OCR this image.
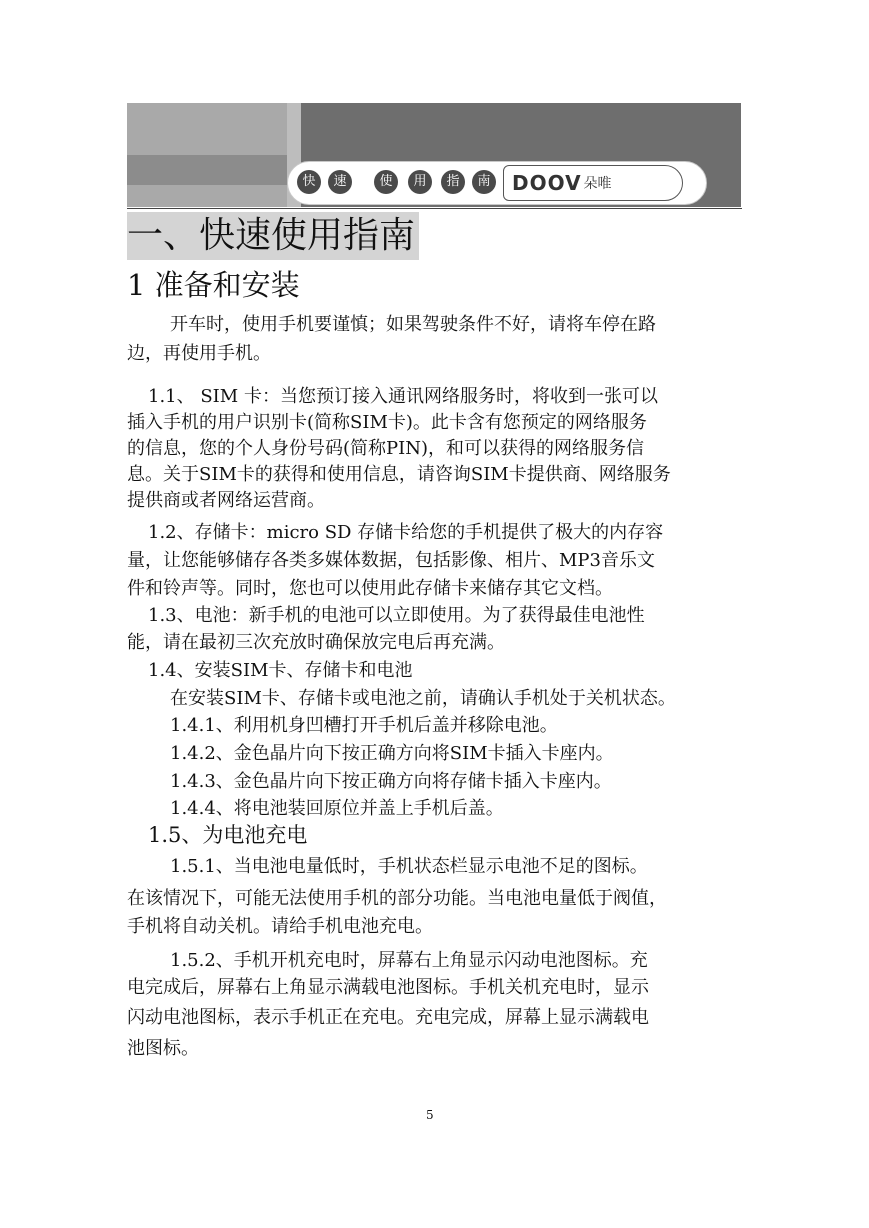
快	速	使	用	指	南 DOOV 朵唯
一、快速使用指南
1 准备和安装
开车时，使用手机要谨慎；如果驾驶条件不好，请将车停在路
边，再使用手机。
1.1、 SIM 卡：当您预订接入通讯网络服务时，将收到一张可以
插入手机的用户识别卡(简称SIM卡)。此卡含有您预定的网络服务
的信息，您的个人身份号码(简称PIN)，和可以获得的网络服务信
息。关于SIM卡的获得和使用信息，请咨询SIM卡提供商、网络服务
提供商或者网络运营商。
1.2、存储卡：micro SD 存储卡给您的手机提供了极大的内存容
量，让您能够储存各类多媒体数据，包括影像、相片、MP3音乐文
件和铃声等。同时，您也可以使用此存储卡来储存其它文档。
1.3、电池：新手机的电池可以立即使用。为了获得最佳电池性
能，请在最初三次充放时确保放完电后再充满。
1.4、安装SIM卡、存储卡和电池
在安装SIM卡、存储卡或电池之前，请确认手机处于关机状态。
1.4.1、利用机身凹槽打开手机后盖并移除电池。
1.4.2、金色晶片向下按正确方向将SIM卡插入卡座内。
1.4.3、金色晶片向下按正确方向将存储卡插入卡座内。
1.4.4、将电池装回原位并盖上手机后盖。
1.5、为电池充电
1.5.1、当电池电量低时，手机状态栏显示电池不足的图标。
在该情况下，可能无法使用手机的部分功能。当电池电量低于阀值，
手机将自动关机。请给手机电池充电。
1.5.2、手机开机充电时，屏幕右上角显示闪动电池图标。充
电完成后，屏幕右上角显示满载电池图标。手机关机充电时，显示
闪动电池图标，表示手机正在充电。充电完成，屏幕上显示满载电
池图标。
5
